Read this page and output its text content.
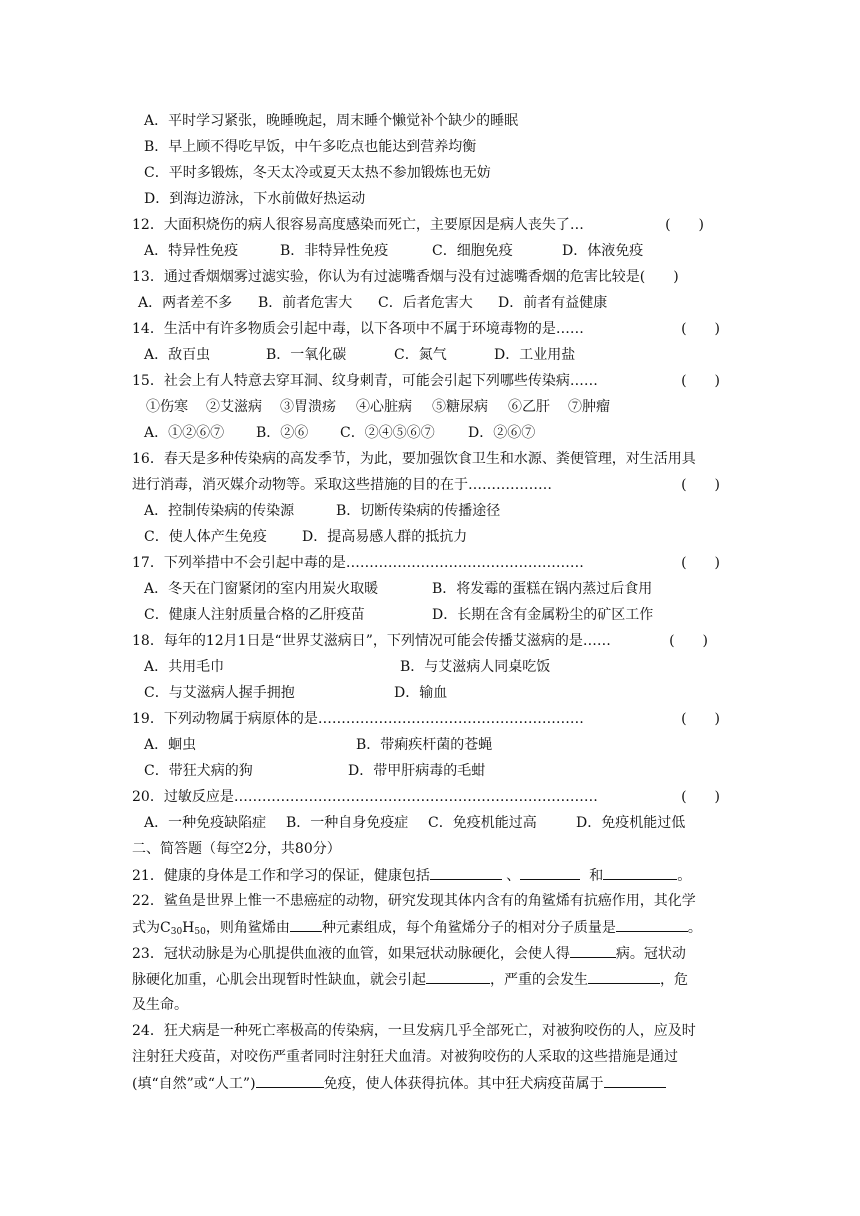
A．平时学习紧张，晚睡晚起，周末睡个懒觉补个缺少的睡眠
B．早上顾不得吃早饭，中午多吃点也能达到营养均衡
C．平时多锻炼，冬天太冷或夏天太热不参加锻炼也无妨
D．到海边游泳，下水前做好热运动
12．大面积烧伤的病人很容易高度感染而死亡，主要原因是病人丧失了…	(　　)
A．特异性免疫	B．非特异性免疫	C．细胞免疫	D．体液免疫
13．通过香烟烟雾过滤实验，你认为有过滤嘴香烟与没有过滤嘴香烟的危害比较是(　　)
A．两者差不多 B．前者危害大 C．后者危害大 D．前者有益健康
14．生活中有许多物质会引起中毒，以下各项中不属于环境毒物的是……	(　　)
A．敌百虫	B．一氧化碳	C．氮气	D．工业用盐
15．社会上有人特意去穿耳洞、纹身刺青，可能会引起下列哪些传染病……	(　　)
①伤寒 ②艾滋病 ③胃溃疡 ④心脏病 ⑤糖尿病 ⑥乙肝 ⑦肿瘤
A．①②⑥⑦ B．②⑥ C．②④⑤⑥⑦ D．②⑥⑦
16．春天是多种传染病的高发季节，为此，要加强饮食卫生和水源、粪便管理，对生活用具
进行消毒，消灭媒介动物等。采取这些措施的目的在于………………	(　　)
A．控制传染病的传染源	B．切断传染病的传播途径
C．使人体产生免疫	D．提高易感人群的抵抗力
17．下列举措中不会引起中毒的是……………………………………………	(　　)
A．冬天在门窗紧闭的室内用炭火取暖	B．将发霉的蛋糕在锅内蒸过后食用
C．健康人注射质量合格的乙肝疫苗	D．长期在含有金属粉尘的矿区工作
18．每年的12月1日是“世界艾滋病日”，下列情况可能会传播艾滋病的是……	(　　)
A．共用毛巾	B．与艾滋病人同桌吃饭
C．与艾滋病人握手拥抱	D．输血
19．下列动物属于病原体的是…………………………………………………	(　　)
A．蛔虫	B．带痢疾杆菌的苍蝇
C．带狂犬病的狗	D．带甲肝病毒的毛蚶
20．过敏反应是……………………………………………………………………	(　　)
A．一种免疫缺陷症 B．一种自身免疫症 C．免疫机能过高	D．免疫机能过低
二、简答题（每空2分，共80分）
21．健康的身体是工作和学习的保证，健康包括	、	和	。
22．鲨鱼是世界上惟一不患癌症的动物，研究发现其体内含有的角鲨烯有抗癌作用，其化学
式为$C_{30}H_{50}$，则角鲨烯由 种元素组成，每个角鲨烯分子的相对分子质量是	。
23．冠状动脉是为心肌提供血液的血管，如果冠状动脉硬化，会使人得	病。冠状动
脉硬化加重，心肌会出现暂时性缺血，就会引起	，严重的会发生	，危
及生命。
24．狂犬病是一种死亡率极高的传染病，一旦发病几乎全部死亡，对被狗咬伤的人，应及时
注射狂犬疫苗，对咬伤严重者同时注射狂犬血清。对被狗咬伤的人采取的这些措施是通过
(填“自然”或“人工”)	免疫，使人体获得抗体。其中狂犬病疫苗属于
